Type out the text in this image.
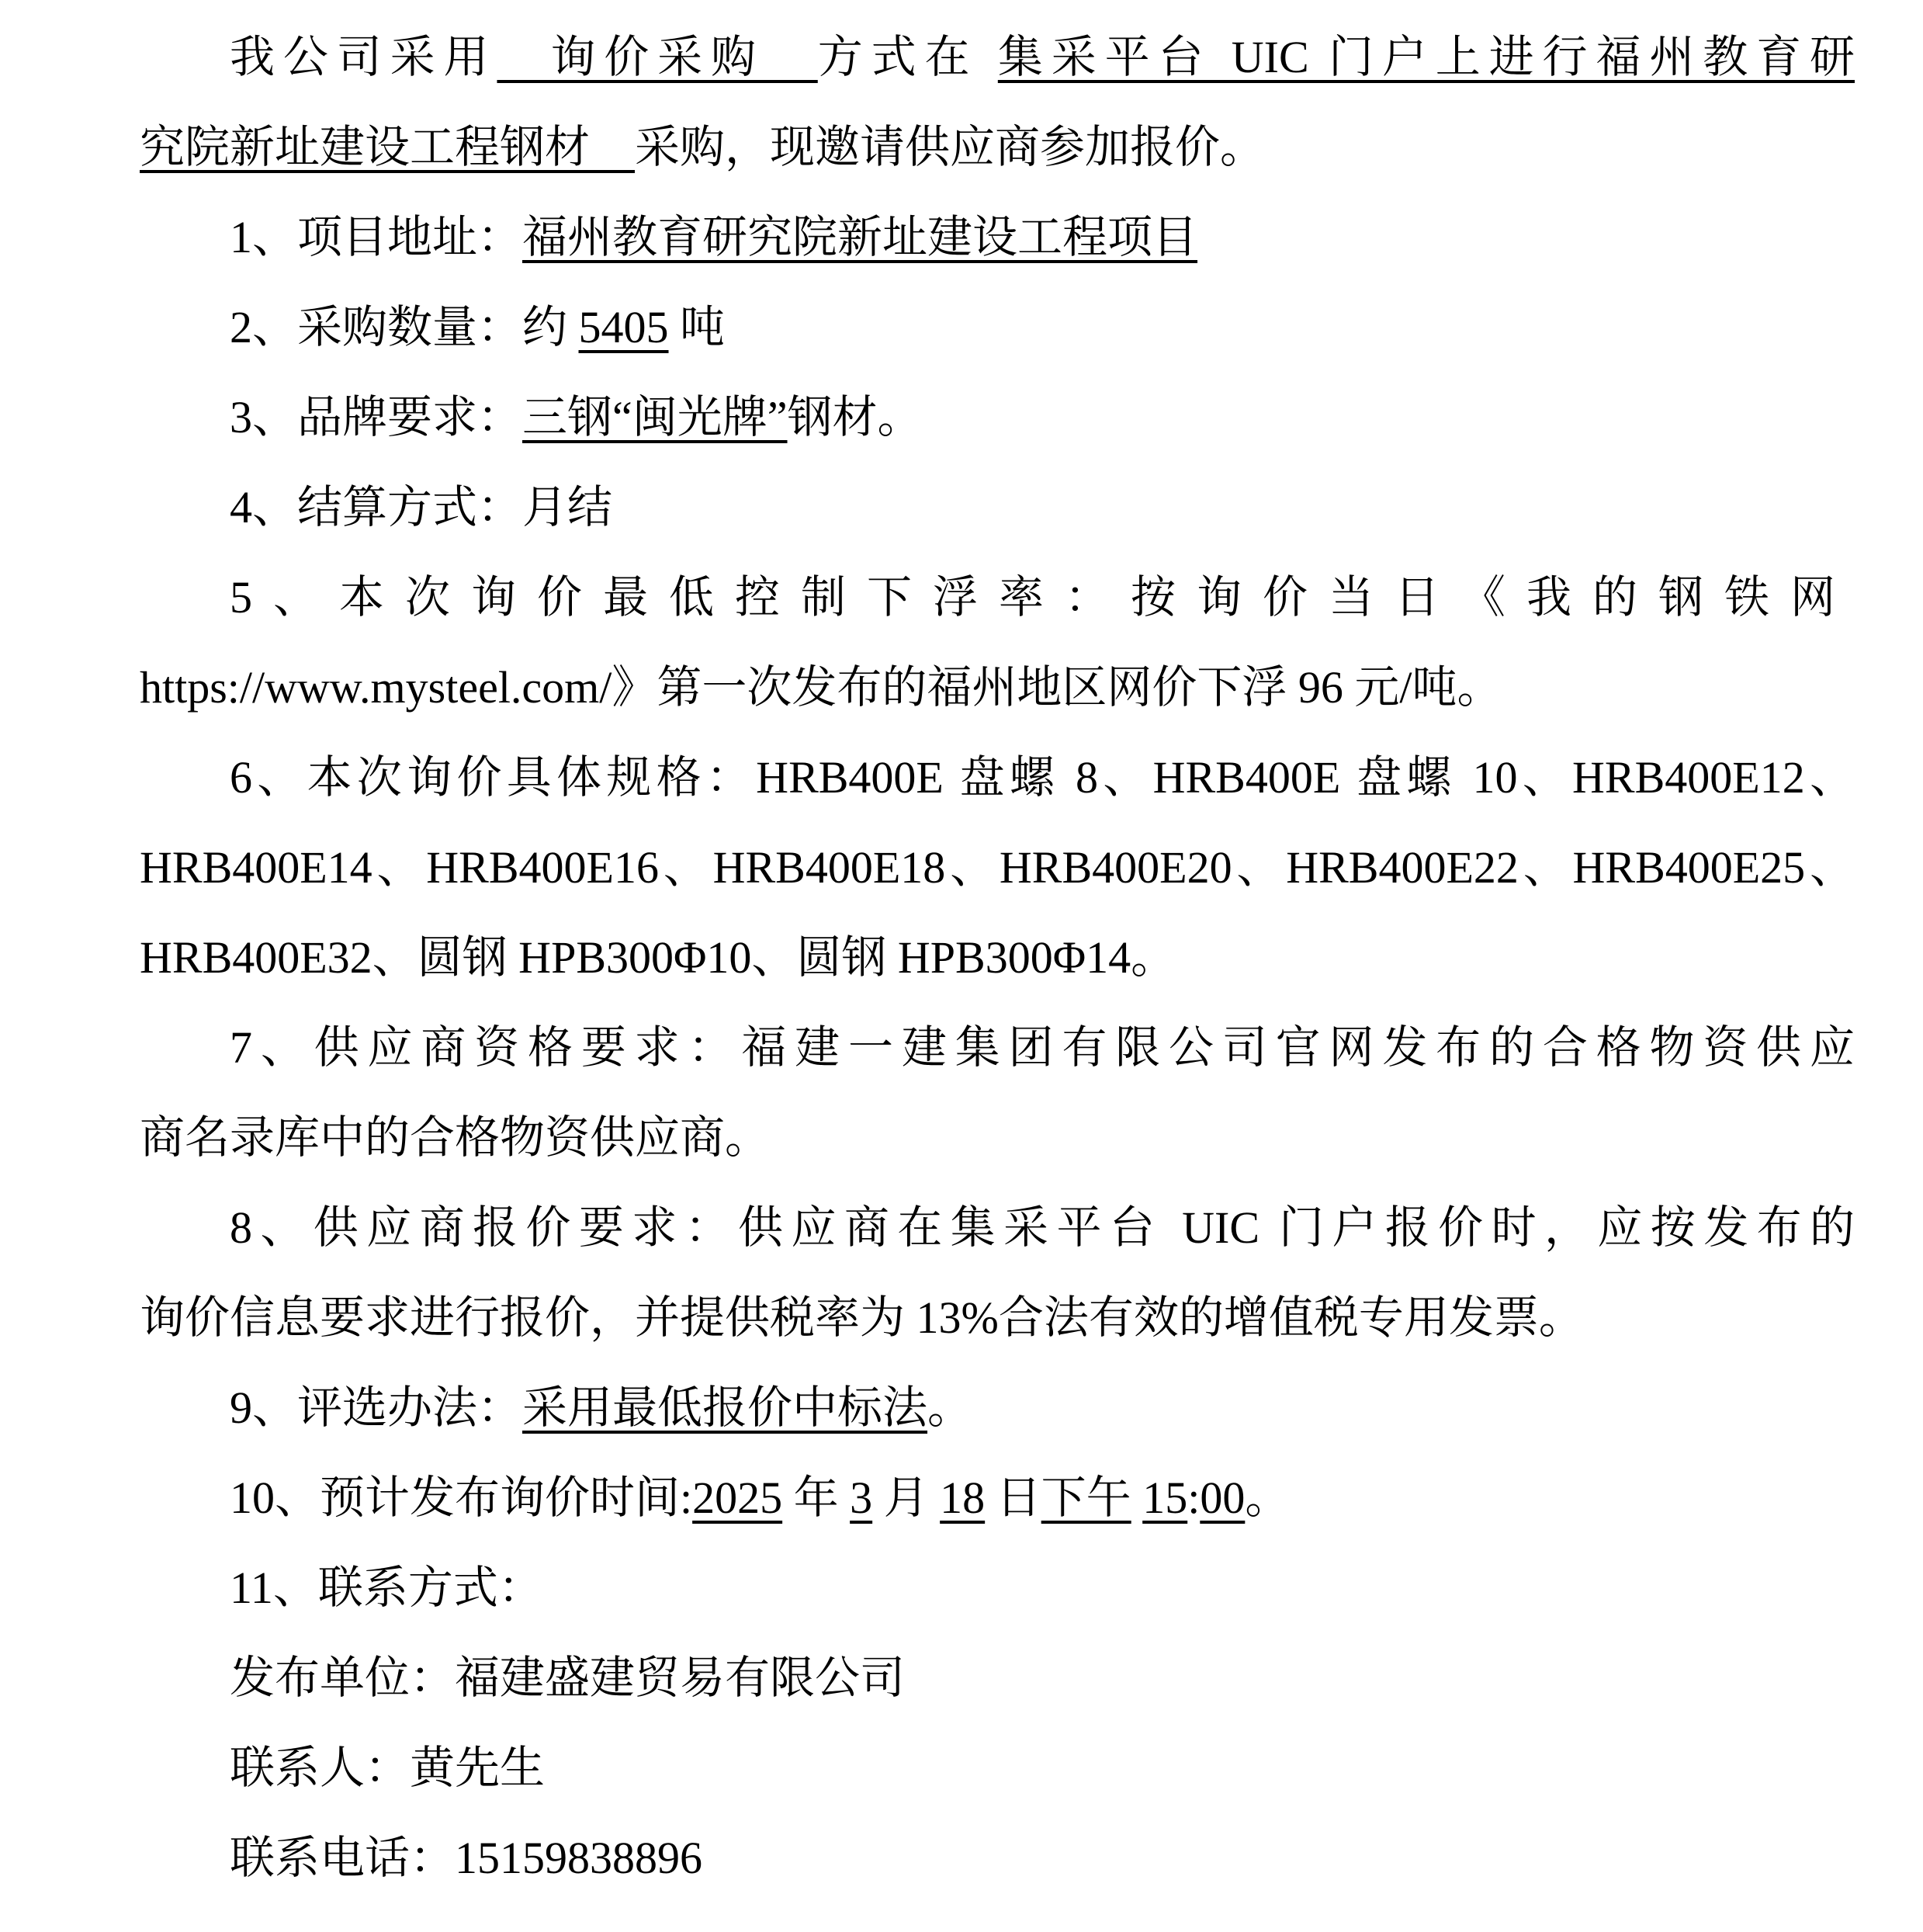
我公司采用　询价采购　方式在 集采平台 UIC 门户上进行福州教育研
究院新址建设工程钢材　采购，现邀请供应商参加报价。
1、项目地址：福州教育研究院新址建设工程项目
2、采购数量：约 5405 吨
3、品牌要求：三钢“闽光牌”钢材。
4、结算方式：月结
5、本次询价最低控制下浮率：按询价当日《我的钢铁网
https://www.mysteel.com/》第一次发布的福州地区网价下浮 96 元/吨。
6、本次询价具体规格：HRB400E 盘螺 8、HRB400E 盘螺 10、HRB400E12、
HRB400E14、HRB400E16、HRB400E18、HRB400E20、HRB400E22、HRB400E25、
HRB400E32、圆钢 HPB300Φ10、圆钢 HPB300Φ14。
7、供应商资格要求：福建一建集团有限公司官网发布的合格物资供应
商名录库中的合格物资供应商。
8、供应商报价要求：供应商在集采平台 UIC 门户报价时，应按发布的
询价信息要求进行报价，并提供税率为 13%合法有效的增值税专用发票。
9、评选办法：采用最低报价中标法。
10、预计发布询价时间:2025 年 3 月 18 日下午 15:00。
11、联系方式：
发布单位：福建盛建贸易有限公司
联系人：黄先生
联系电话：15159838896
